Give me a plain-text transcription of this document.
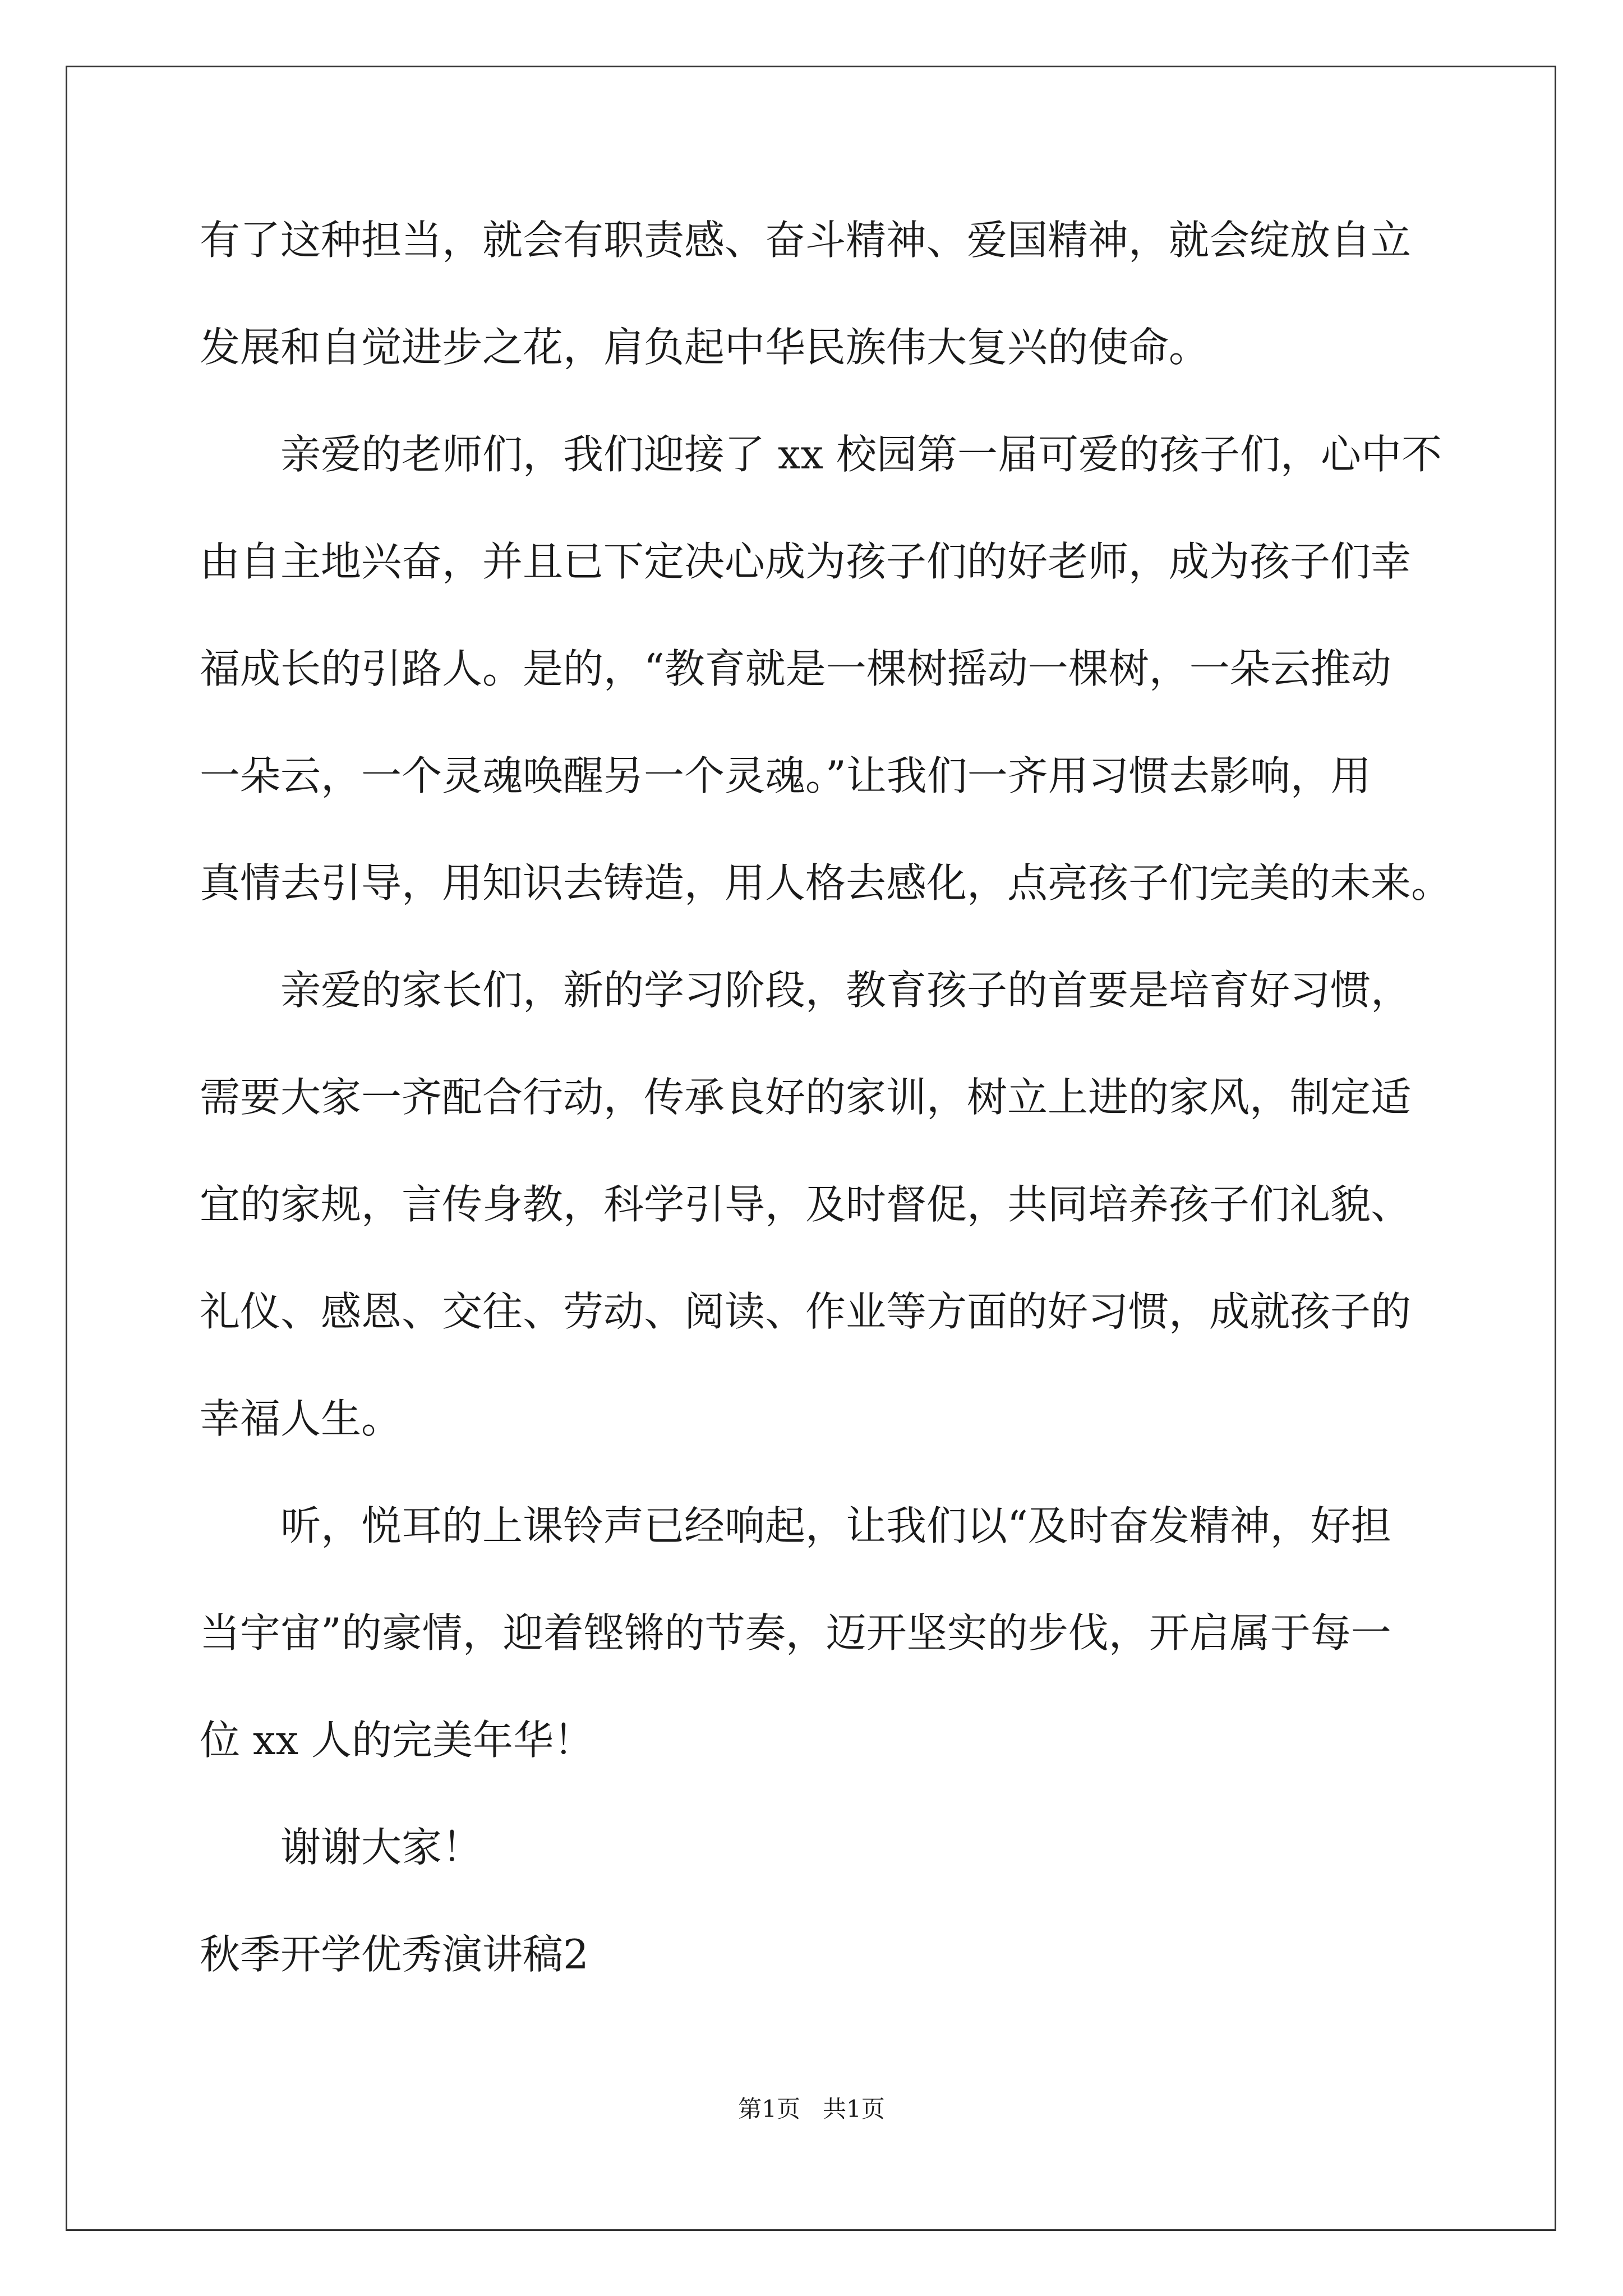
有了这种担当，就会有职责感、奋斗精神、爱国精神，就会绽放自立

发展和自觉进步之花，肩负起中华民族伟大复兴的使命。

亲爱的老师们，我们迎接了 xx 校园第一届可爱的孩子们，心中不

由自主地兴奋，并且已下定决心成为孩子们的好老师，成为孩子们幸

福成长的引路人。是的，“教育就是一棵树摇动一棵树，一朵云推动

一朵云，一个灵魂唤醒另一个灵魂。”让我们一齐用习惯去影响，用

真情去引导，用知识去铸造，用人格去感化，点亮孩子们完美的未来。

亲爱的家长们，新的学习阶段，教育孩子的首要是培育好习惯，

需要大家一齐配合行动，传承良好的家训，树立上进的家风，制定适

宜的家规，言传身教，科学引导，及时督促，共同培养孩子们礼貌、

礼仪、感恩、交往、劳动、阅读、作业等方面的好习惯，成就孩子的

幸福人生。

听，悦耳的上课铃声已经响起，让我们以“及时奋发精神，好担

当宇宙”的豪情，迎着铿锵的节奏，迈开坚实的步伐，开启属于每一

位 xx 人的完美年华！

谢谢大家！

秋季开学优秀演讲稿2

第1页   共1页
